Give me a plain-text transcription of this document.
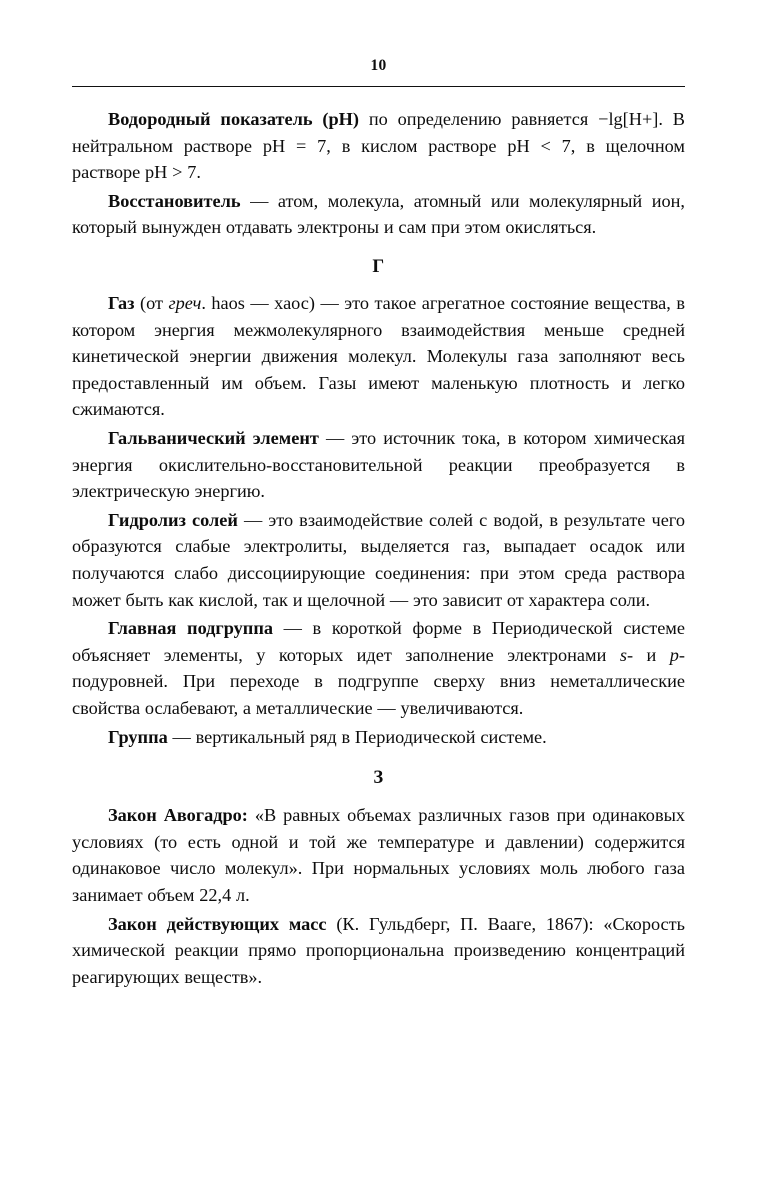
10

Водородный показатель (pH) по определению равняется −lg[H+]. В нейтральном растворе pH = 7, в кислом растворе pH < 7, в щелочном растворе pH > 7.

Восстановитель — атом, молекула, атомный или молекулярный ион, который вынужден отдавать электроны и сам при этом окисляться.

Г

Газ (от греч. haos — хаос) — это такое агрегатное состояние вещества, в котором энергия межмолекулярного взаимодействия меньше средней кинетической энергии движения молекул. Молекулы газа заполняют весь предоставленный им объем. Газы имеют маленькую плотность и легко сжимаются.

Гальванический элемент — это источник тока, в котором химическая энергия окислительно-восстановительной реакции преобразуется в электрическую энергию.

Гидролиз солей — это взаимодействие солей с водой, в результате чего образуются слабые электролиты, выделяется газ, выпадает осадок или получаются слабо диссоциирующие соединения: при этом среда раствора может быть как кислой, так и щелочной — это зависит от характера соли.

Главная подгруппа — в короткой форме в Периодической системе объясняет элементы, у которых идет заполнение электронами s- и p-подуровней. При переходе в подгруппе сверху вниз неметаллические свойства ослабевают, а металлические — увеличиваются.

Группа — вертикальный ряд в Периодической системе.

З

Закон Авогадро: «В равных объемах различных газов при одинаковых условиях (то есть одной и той же температуре и давлении) содержится одинаковое число молекул». При нормальных условиях моль любого газа занимает объем 22,4 л.

Закон действующих масс (К. Гульдберг, П. Вааге, 1867): «Скорость химической реакции прямо пропорциональна произведению концентраций реагирующих веществ».
